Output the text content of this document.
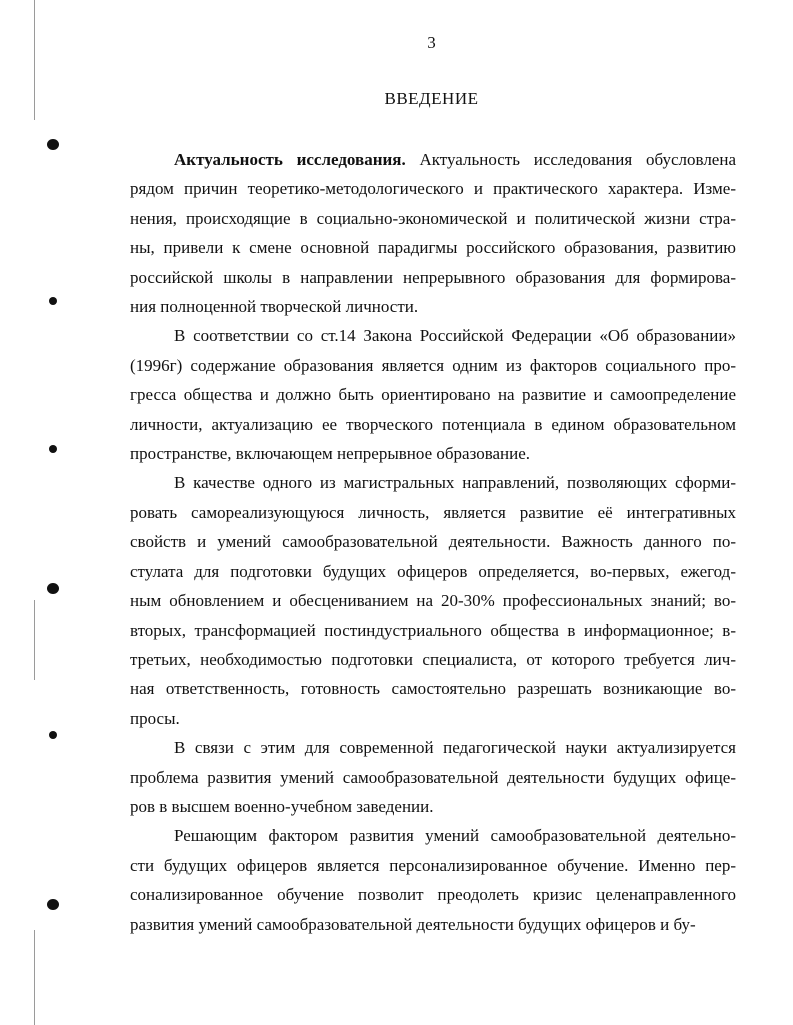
3
ВВЕДЕНИЕ

Актуальность исследования. Актуальность исследования обусловлена
рядом причин теоретико-методологического и практического характера. Изме-
нения, происходящие в социально-экономической и политической жизни стра-
ны, привели к смене основной парадигмы российского образования, развитию
российской школы в направлении непрерывного образования для формирова-
ния полноценной творческой личности.

В соответствии со ст.14 Закона Российской Федерации «Об образовании»
(1996г) содержание образования является одним из факторов социального про-
гресса общества и должно быть ориентировано на развитие и самоопределение
личности, актуализацию ее творческого потенциала в едином образовательном
пространстве, включающем непрерывное образование.

В качестве одного из магистральных направлений, позволяющих сформи-
ровать самореализующуюся личность, является развитие её интегративных
свойств и умений самообразовательной деятельности. Важность данного по-
стулата для подготовки будущих офицеров определяется, во-первых, ежегод-
ным обновлением и обесцениванием на 20-30% профессиональных знаний; во-
вторых, трансформацией постиндустриального общества в информационное; в-
третьих, необходимостью подготовки специалиста, от которого требуется лич-
ная ответственность, готовность самостоятельно разрешать возникающие во-
просы.

В связи с этим для современной педагогической науки актуализируется
проблема развития умений самообразовательной деятельности будущих офице-
ров в высшем военно-учебном заведении.

Решающим фактором развития умений самообразовательной деятельно-
сти будущих офицеров является персонализированное обучение. Именно пер-
сонализированное обучение позволит преодолеть кризис целенаправленного
развития умений самообразовательной деятельности будущих офицеров и бу-
